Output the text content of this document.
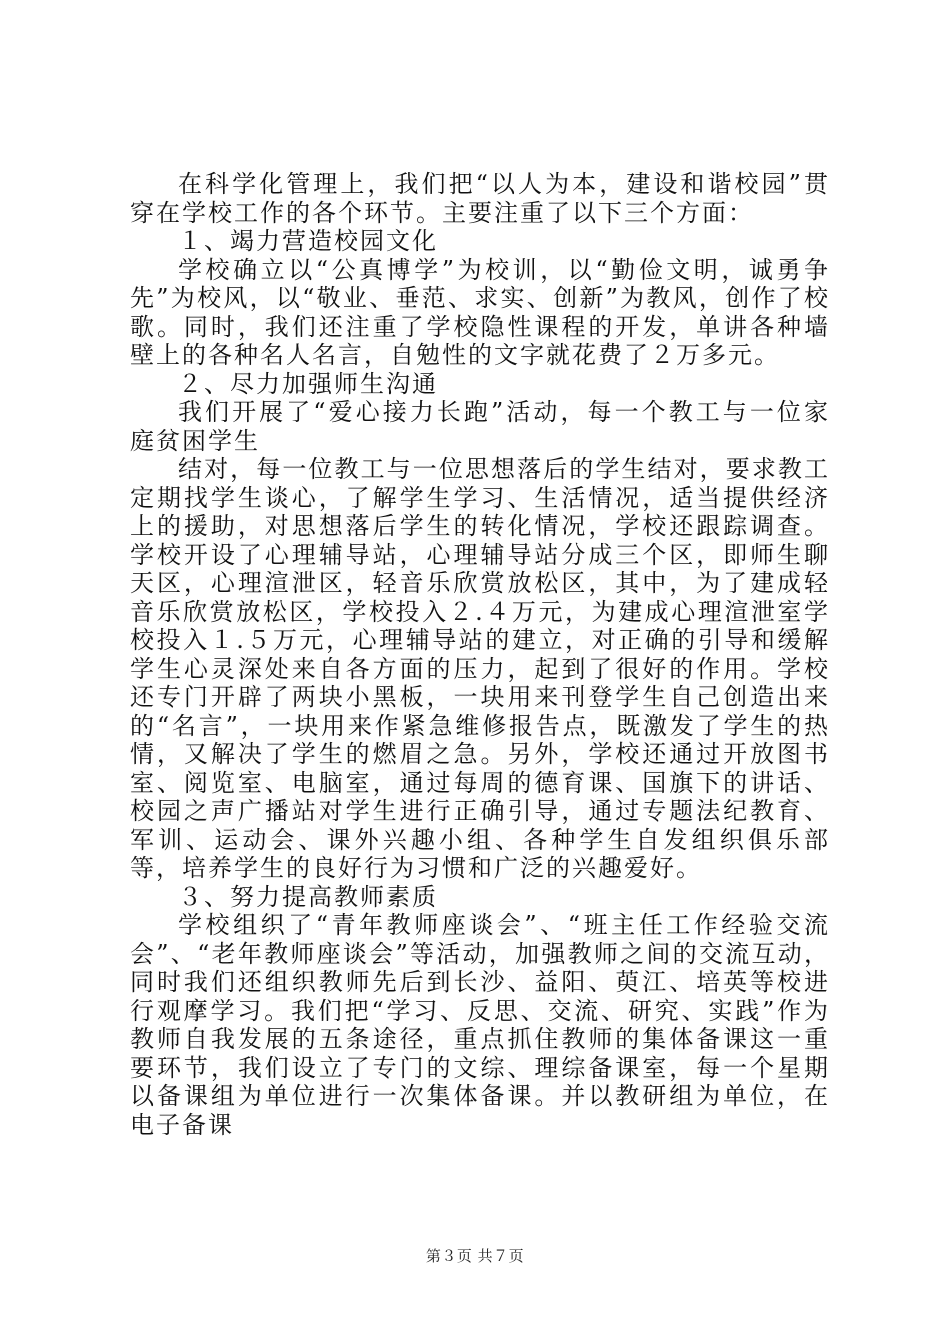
在科学化管理上，我们把“以人为本，建设和谐校园”贯穿在学校工作的各个环节。主要注重了以下三个方面：

１、竭力营造校园文化

学校确立以“公真博学”为校训，以“勤俭文明，诚勇争先”为校风，以“敬业、垂范、求实、创新”为教风，创作了校歌。同时，我们还注重了学校隐性课程的开发，单讲各种墙壁上的各种名人名言，自勉性的文字就花费了２万多元。

２、尽力加强师生沟通

我们开展了“爱心接力长跑”活动，每一个教工与一位家庭贫困学生

结对，每一位教工与一位思想落后的学生结对，要求教工定期找学生谈心，了解学生学习、生活情况，适当提供经济上的援助，对思想落后学生的转化情况，学校还跟踪调查。学校开设了心理辅导站，心理辅导站分成三个区，即师生聊天区，心理渲泄区，轻音乐欣赏放松区，其中，为了建成轻音乐欣赏放松区，学校投入２.４万元，为建成心理渲泄室学校投入１.５万元，心理辅导站的建立，对正确的引导和缓解学生心灵深处来自各方面的压力，起到了很好的作用。学校还专门开辟了两块小黑板，一块用来刊登学生自己创造出来的“名言”，一块用来作紧急维修报告点，既激发了学生的热情，又解决了学生的燃眉之急。另外，学校还通过开放图书室、阅览室、电脑室，通过每周的德育课、国旗下的讲话、校园之声广播站对学生进行正确引导，通过专题法纪教育、军训、运动会、课外兴趣小组、各种学生自发组织俱乐部等，培养学生的良好行为习惯和广泛的兴趣爱好。

３、努力提高教师素质

学校组织了“青年教师座谈会”、“班主任工作经验交流会”、“老年教师座谈会”等活动，加强教师之间的交流互动，同时我们还组织教师先后到长沙、益阳、萸江、培英等校进行观摩学习。我们把“学习、反思、交流、研究、实践”作为教师自我发展的五条途径，重点抓住教师的集体备课这一重要环节，我们设立了专门的文综、理综备课室，每一个星期以备课组为单位进行一次集体备课。并以教研组为单位，在电子备课

第３页 共７页
